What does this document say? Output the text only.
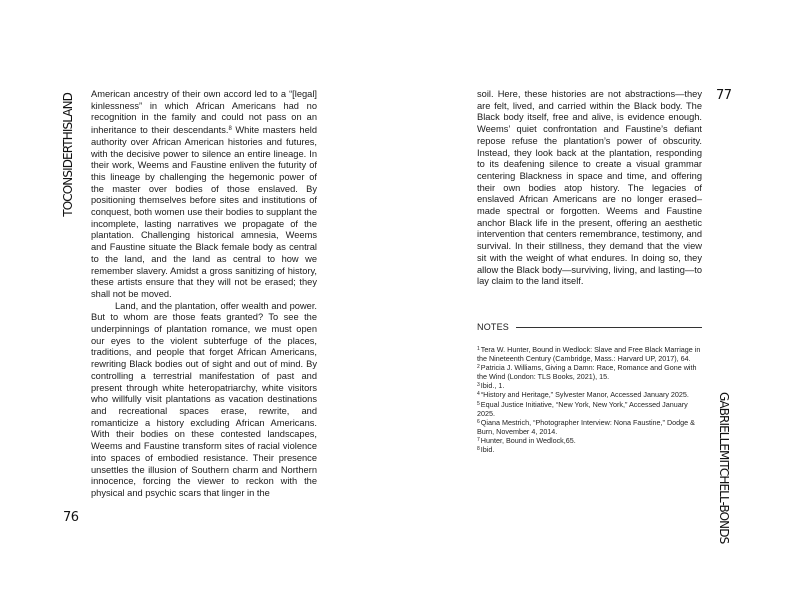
TOCONSIDERTHISLAND
GABRIELLEMITCHELL-BONDS
76
77

American ancestry of their own accord led to a “[legal] kinlessness” in which African Americans had no recognition in the family and could not pass on an inheritance to their descendants.$^8$ White masters held authority over African American histories and futures, with the decisive power to silence an entire lineage. In their work, Weems and Faustine enliven the futurity of this lineage by challenging the hegemonic power of the master over bodies of those enslaved. By positioning themselves before sites and institutions of conquest, both women use their bodies to supplant the incomplete, lasting narratives we propagate of the plantation. Challenging historical amnesia, Weems and Faustine situate the Black female body as central to the land, and the land as central to how we remember slavery. Amidst a gross sanitizing of history, these artists ensure that they will not be erased; they shall not be moved.

Land, and the plantation, offer wealth and power. But to whom are those feats granted? To see the underpinnings of plantation romance, we must open our eyes to the violent subterfuge of the places, traditions, and people that forget African Americans, rewriting Black bodies out of sight and out of mind. By controlling a terrestrial manifestation of past and present through white heteropatriarchy, white visitors who willfully visit plantations as vacation destinations and recreational spaces erase, rewrite, and romanticize a history excluding African Americans. With their bodies on these contested landscapes, Weems and Faustine transform sites of racial violence into spaces of embodied resistance. Their presence unsettles the illusion of Southern charm and Northern innocence, forcing the viewer to reckon with the physical and psychic scars that linger in the

soil. Here, these histories are not abstractions—they are felt, lived, and carried within the Black body. The Black body itself, free and alive, is evidence enough. Weems’ quiet confrontation and Faustine’s defiant repose refuse the plantation’s power of obscurity. Instead, they look back at the plantation, responding to its deafening silence to create a visual grammar centering Blackness in space and time, and offering their own bodies atop history. The legacies of enslaved African Americans are no longer erased–made spectral or forgotten. Weems and Faustine anchor Black life in the present, offering an aesthetic intervention that centers remembrance, testimony, and survival. In their stillness, they demand that the view sit with the weight of what endures. In doing so, they allow the Black body—surviving, living, and lasting—to lay claim to the land itself.

NOTES
$^1$Tera W. Hunter, Bound in Wedlock: Slave and Free Black Marriage in the Nineteenth Century (Cambridge, Mass.: Harvard UP, 2017), 64.
$^2$Patricia J. Williams, Giving a Damn: Race, Romance and Gone with the Wind (London: TLS Books, 2021), 15.
$^3$Ibid., 1.
$^4$“History and Heritage,” Sylvester Manor, Accessed January 2025.
$^5$Equal Justice Initiative, “New York, New York,” Accessed January 2025.
$^6$Qiana Mestrich, “Photographer Interview: Nona Faustine,” Dodge & Burn, November 4, 2014.
$^7$Hunter, Bound in Wedlock,65.
$^8$Ibid.
